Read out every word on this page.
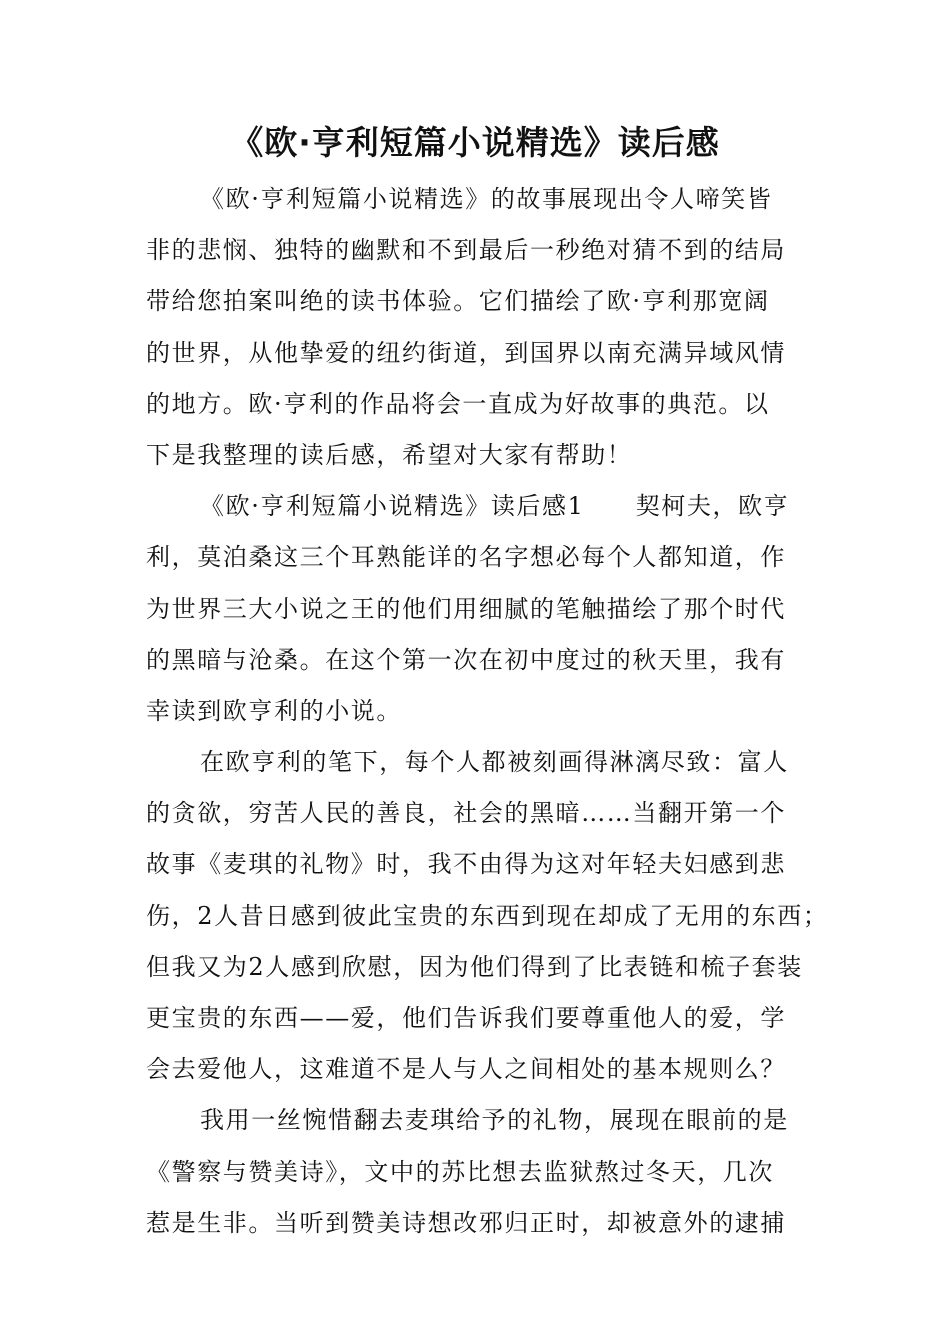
《欧·亨利短篇小说精选》读后感
《欧·亨利短篇小说精选》的故事展现出令人啼笑皆
非的悲悯、独特的幽默和不到最后一秒绝对猜不到的结局
带给您拍案叫绝的读书体验。它们描绘了欧·亨利那宽阔
的世界，从他挚爱的纽约街道，到国界以南充满异域风情
的地方。欧·亨利的作品将会一直成为好故事的典范。以
下是我整理的读后感，希望对大家有帮助！
《欧·亨利短篇小说精选》读后感1　　契柯夫，欧亨
利，莫泊桑这三个耳熟能详的名字想必每个人都知道，作
为世界三大小说之王的他们用细腻的笔触描绘了那个时代
的黑暗与沧桑。在这个第一次在初中度过的秋天里，我有
幸读到欧亨利的小说。
在欧亨利的笔下，每个人都被刻画得淋漓尽致：富人
的贪欲，穷苦人民的善良，社会的黑暗……当翻开第一个
故事《麦琪的礼物》时，我不由得为这对年轻夫妇感到悲
伤，2人昔日感到彼此宝贵的东西到现在却成了无用的东西；
但我又为2人感到欣慰，因为他们得到了比表链和梳子套装
更宝贵的东西——爱，他们告诉我们要尊重他人的爱，学
会去爱他人，这难道不是人与人之间相处的基本规则么？
我用一丝惋惜翻去麦琪给予的礼物，展现在眼前的是
《警察与赞美诗》，文中的苏比想去监狱熬过冬天，几次
惹是生非。当听到赞美诗想改邪归正时，却被意外的逮捕
